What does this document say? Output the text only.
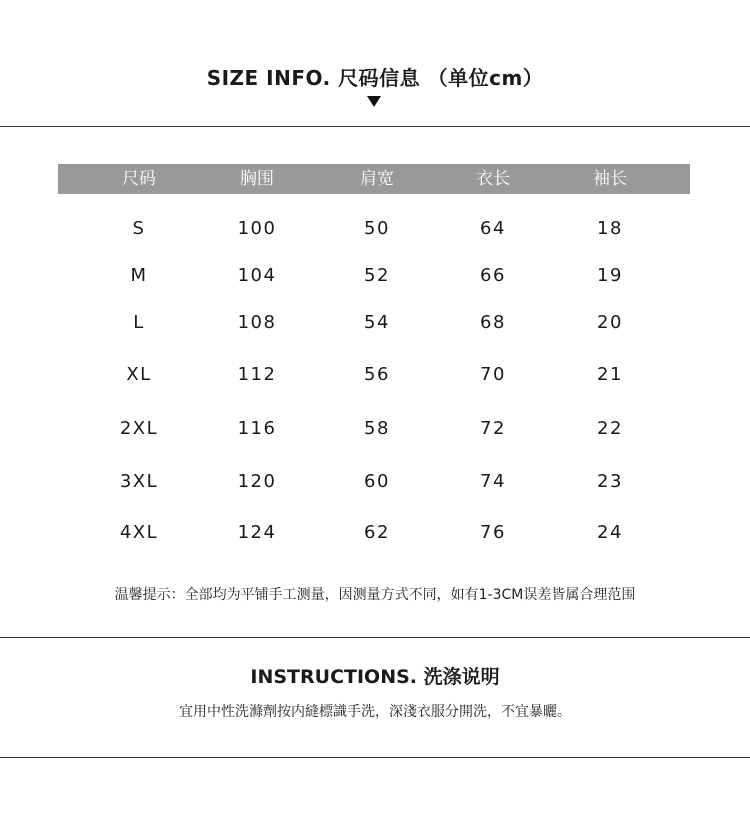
SIZE INFO. 尺码信息 （单位cm）
尺码	胸围	肩宽	衣长	袖长
S	100	50	64	18
M	104	52	66	19
L	108	54	68	20
XL	112	56	70	21
2XL	116	58	72	22
3XL	120	60	74	23
4XL	124	62	76	24
温馨提示：全部均为平铺手工测量，因测量方式不同，如有1-3CM误差皆属合理范围
INSTRUCTIONS. 洗涤说明
宜用中性洗滌劑按内縫標識手洗，深淺衣服分開洗，不宜暴曬。
